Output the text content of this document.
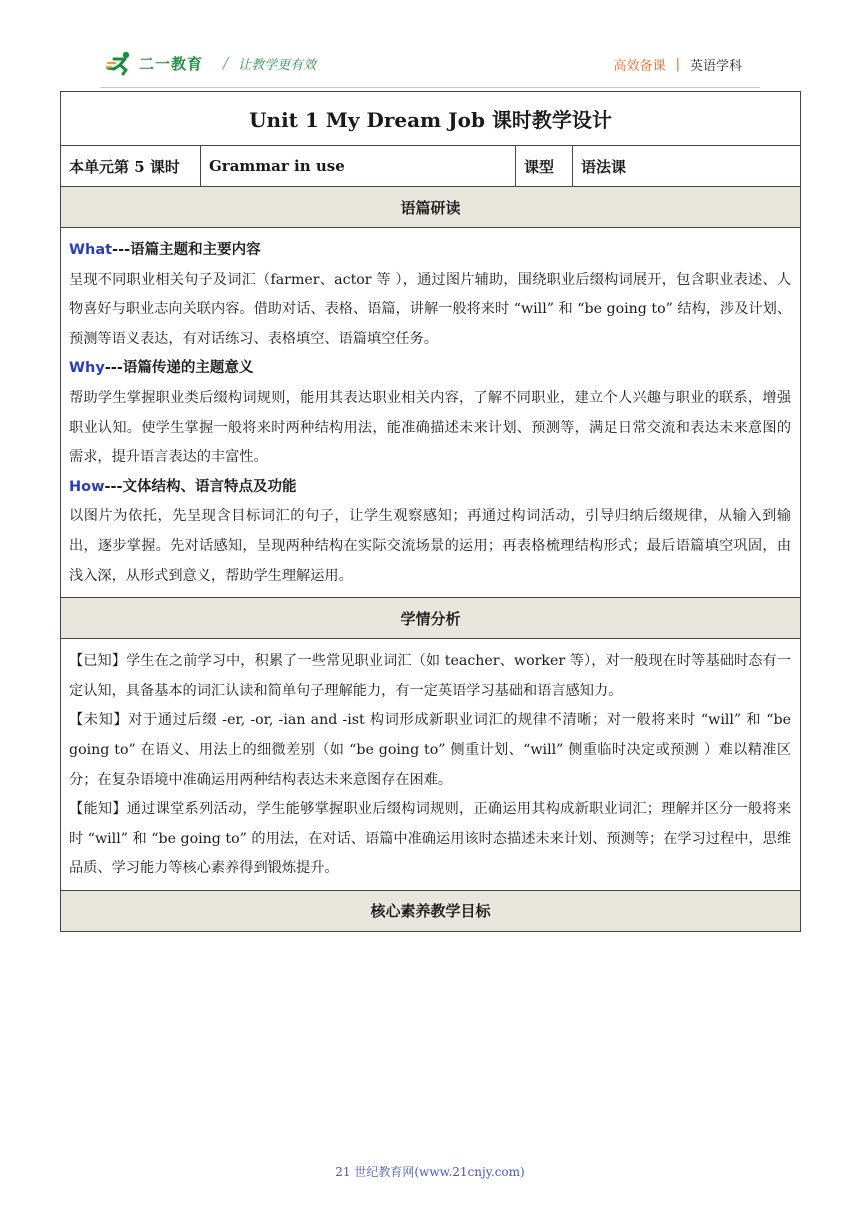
二一教育 / 让教学更有效	高效备课 | 英语学科
Unit 1 My Dream Job 课时教学设计
本单元第 5 课时	Grammar in use	课型	语法课
语篇研读

What---语篇主题和主要内容
呈现不同职业相关句子及词汇（farmer、actor 等 ），通过图片辅助，围绕职业后缀构词展开，包含职业表述、人物喜好与职业志向关联内容。借助对话、表格、语篇，讲解一般将来时 “will” 和 “be going to” 结构，涉及计划、预测等语义表达，有对话练习、表格填空、语篇填空任务。
Why---语篇传递的主题意义
帮助学生掌握职业类后缀构词规则，能用其表达职业相关内容，了解不同职业，建立个人兴趣与职业的联系，增强职业认知。使学生掌握一般将来时两种结构用法，能准确描述未来计划、预测等，满足日常交流和表达未来意图的需求，提升语言表达的丰富性。
How---文体结构、语言特点及功能
以图片为依托，先呈现含目标词汇的句子，让学生观察感知；再通过构词活动，引导归纳后缀规律，从输入到输出，逐步掌握。先对话感知，呈现两种结构在实际交流场景的运用；再表格梳理结构形式；最后语篇填空巩固，由浅入深，从形式到意义，帮助学生理解运用。

学情分析

【已知】学生在之前学习中，积累了一些常见职业词汇（如 teacher、worker 等），对一般现在时等基础时态有一定认知，具备基本的词汇认读和简单句子理解能力，有一定英语学习基础和语言感知力。
【未知】对于通过后缀 -er, -or, -ian and -ist 构词形成新职业词汇的规律不清晰；对一般将来时 “will” 和 “be going to” 在语义、用法上的细微差别（如 “be going to” 侧重计划、“will” 侧重临时决定或预测 ）难以精准区分；在复杂语境中准确运用两种结构表达未来意图存在困难。
【能知】通过课堂系列活动，学生能够掌握职业后缀构词规则，正确运用其构成新职业词汇；理解并区分一般将来时 “will” 和 “be going to” 的用法，在对话、语篇中准确运用该时态描述未来计划、预测等；在学习过程中，思维品质、学习能力等核心素养得到锻炼提升。

核心素养教学目标
21 世纪教育网(www.21cnjy.com)
